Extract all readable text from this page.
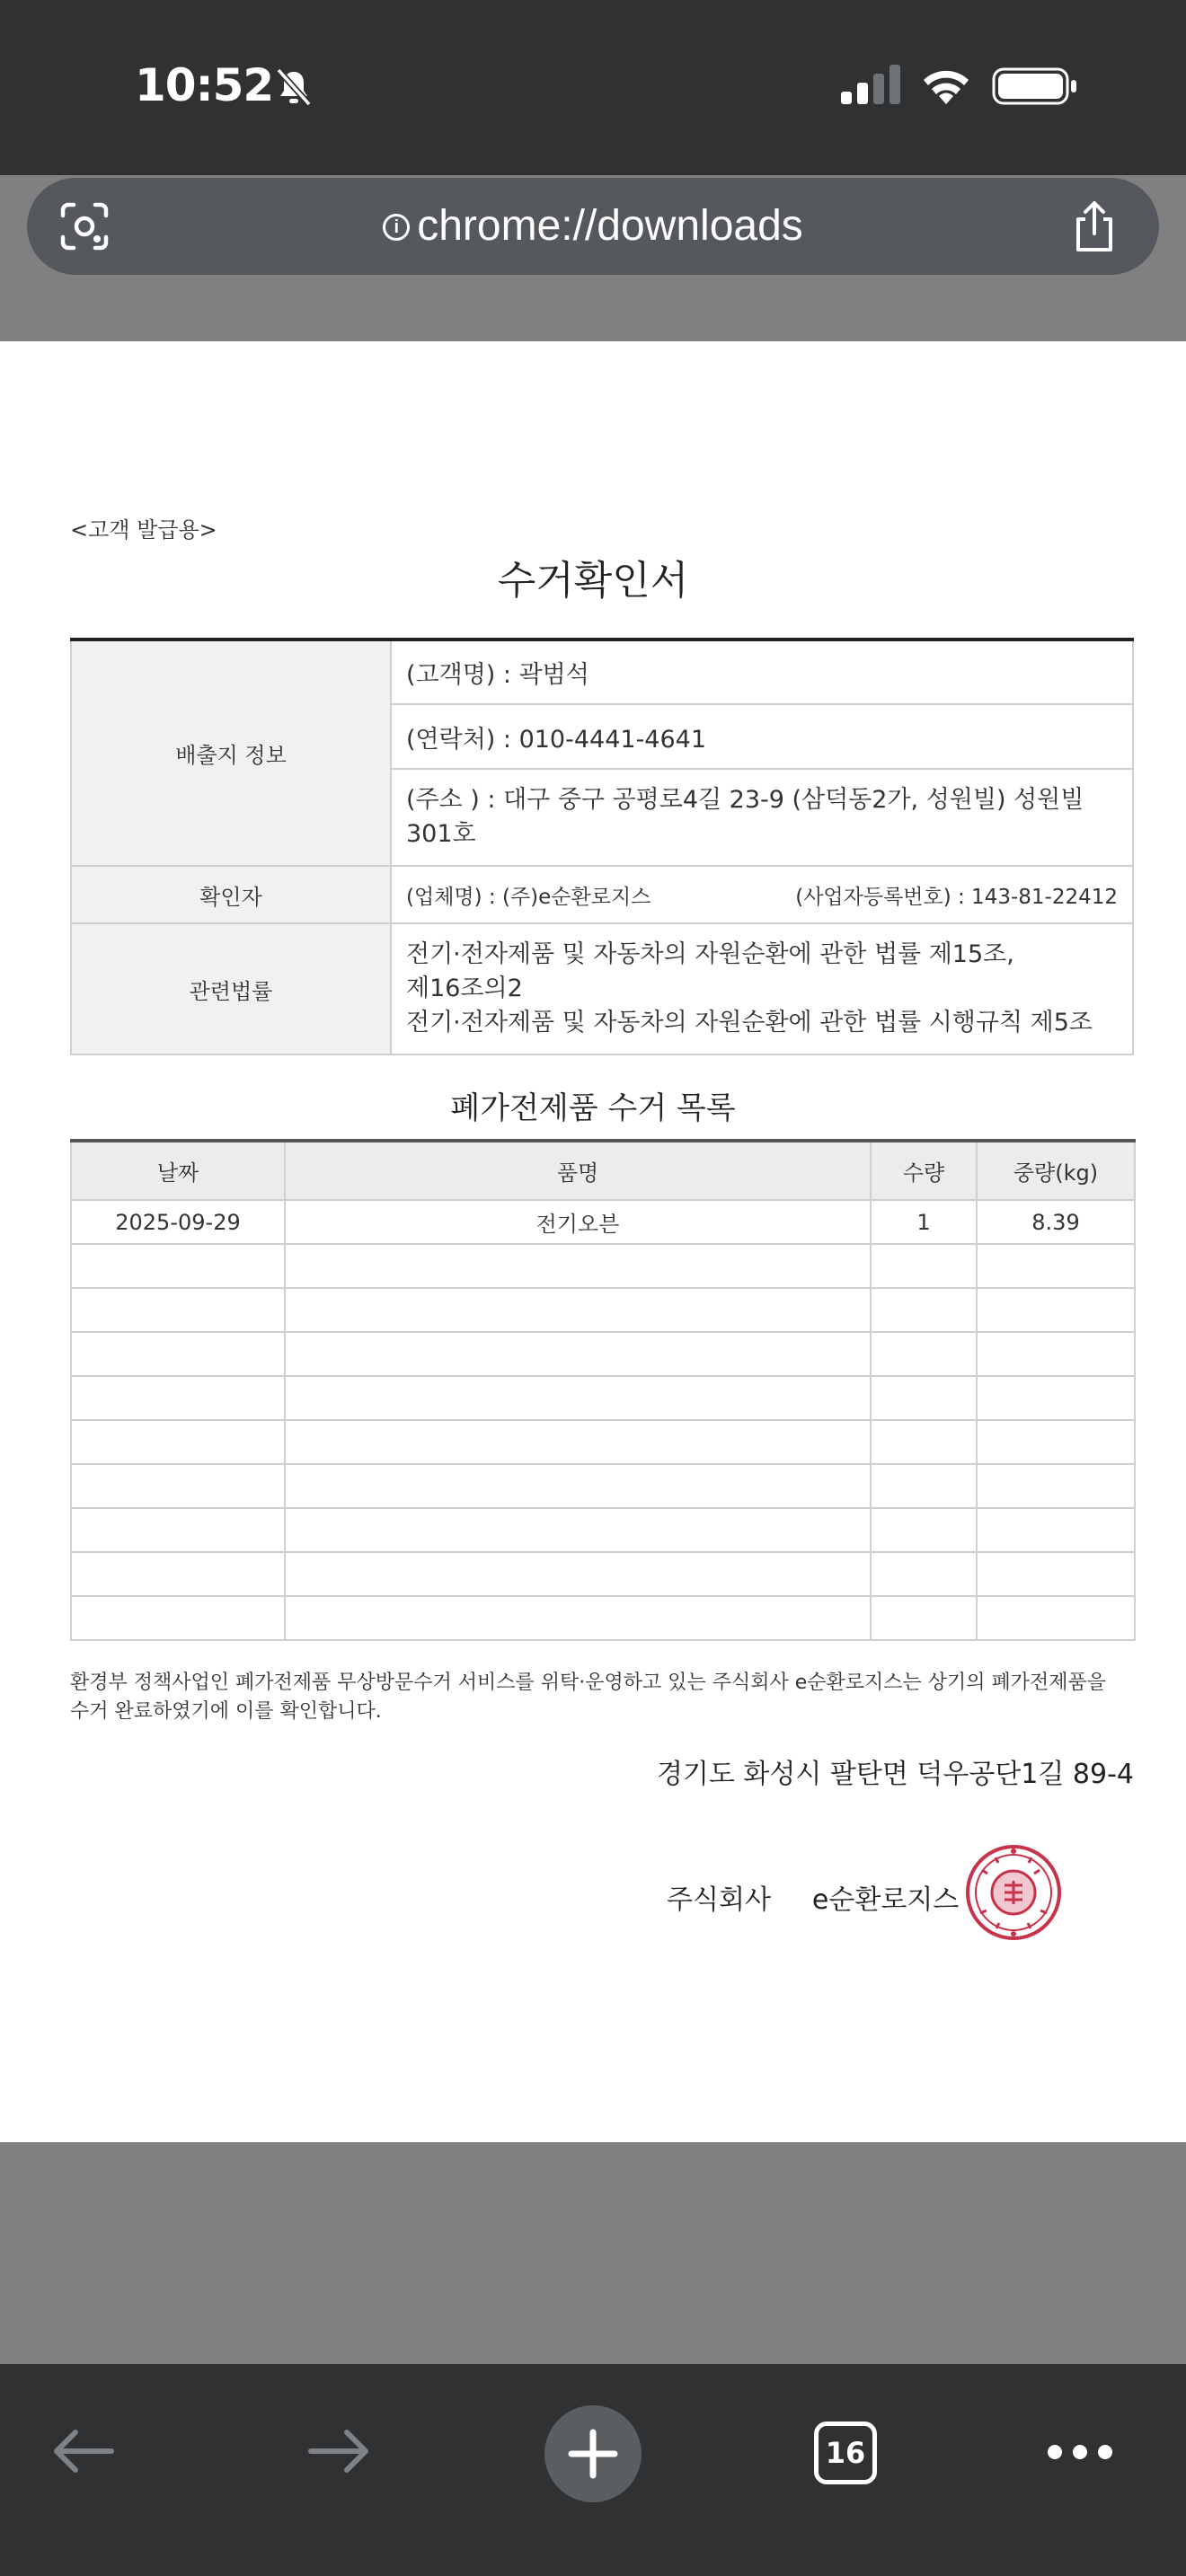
10:52
i chrome://downloads
<고객 발급용>
수거확인서
배출지 정보	(고객명) : 곽범석
	(연락처) : 010-4441-4641
	(주소 ) : 대구 중구 공평로4길 23-9 (삼덕동2가, 성원빌) 성원빌
301호
확인자	(업체명) : (주)e순환로지스 (사업자등록번호) : 143-81-22412

관련법률	전기·전자제품 및 자동차의 자원순환에 관한 법률 제15조,
제16조의2
전기·전자제품 및 자동차의 자원순환에 관한 법률 시행규칙 제5조
폐가전제품 수거 목록
날짜	품명	수량	중량(kg)
2025-09-29	전기오븐	1	8.39

환경부 정책사업인 폐가전제품 무상방문수거 서비스를 위탁·운영하고 있는 주식회사 e순환로지스는 상기의 폐가전제품을
수거 완료하였기에 이를 확인합니다.
경기도 화성시 팔탄면 덕우공단1길 89-4
주식회사 e순환로지스
16
